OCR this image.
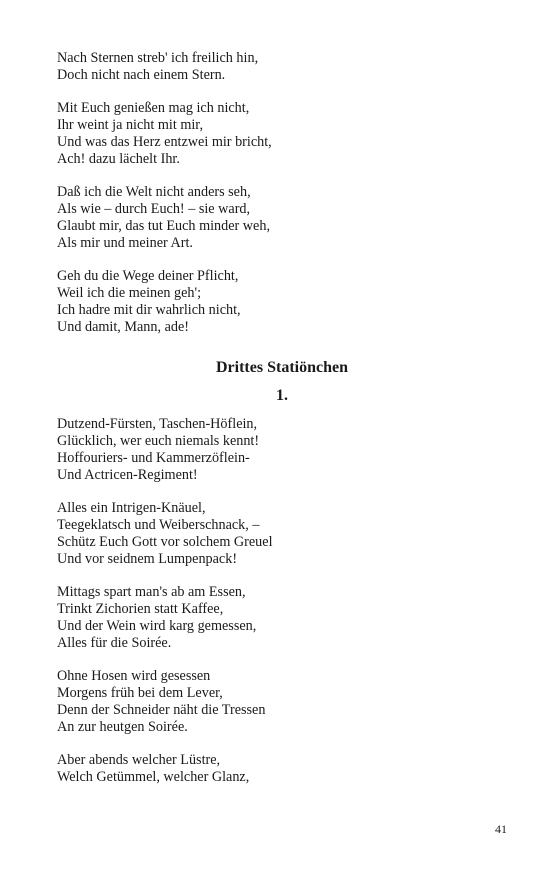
Nach Sternen streb' ich freilich hin,
Doch nicht nach einem Stern.
Mit Euch genießen mag ich nicht,
Ihr weint ja nicht mit mir,
Und was das Herz entzwei mir bricht,
Ach! dazu lächelt Ihr.
Daß ich die Welt nicht anders seh,
Als wie – durch Euch! – sie ward,
Glaubt mir, das tut Euch minder weh,
Als mir und meiner Art.
Geh du die Wege deiner Pflicht,
Weil ich die meinen geh';
Ich hadre mit dir wahrlich nicht,
Und damit, Mann, ade!
Drittes Statiönchen
1.
Dutzend-Fürsten, Taschen-Höflein,
Glücklich, wer euch niemals kennt!
Hoffouriers- und Kammerzöflein-
Und Actricen-Regiment!
Alles ein Intrigen-Knäuel,
Teegeklatsch und Weiberschnack, –
Schütz Euch Gott vor solchem Greuel
Und vor seidnem Lumpenpack!
Mittags spart man's ab am Essen,
Trinkt Zichorien statt Kaffee,
Und der Wein wird karg gemessen,
Alles für die Soirée.
Ohne Hosen wird gesessen
Morgens früh bei dem Lever,
Denn der Schneider näht die Tressen
An zur heutgen Soirée.
Aber abends welcher Lüstre,
Welch Getümmel, welcher Glanz,
41
